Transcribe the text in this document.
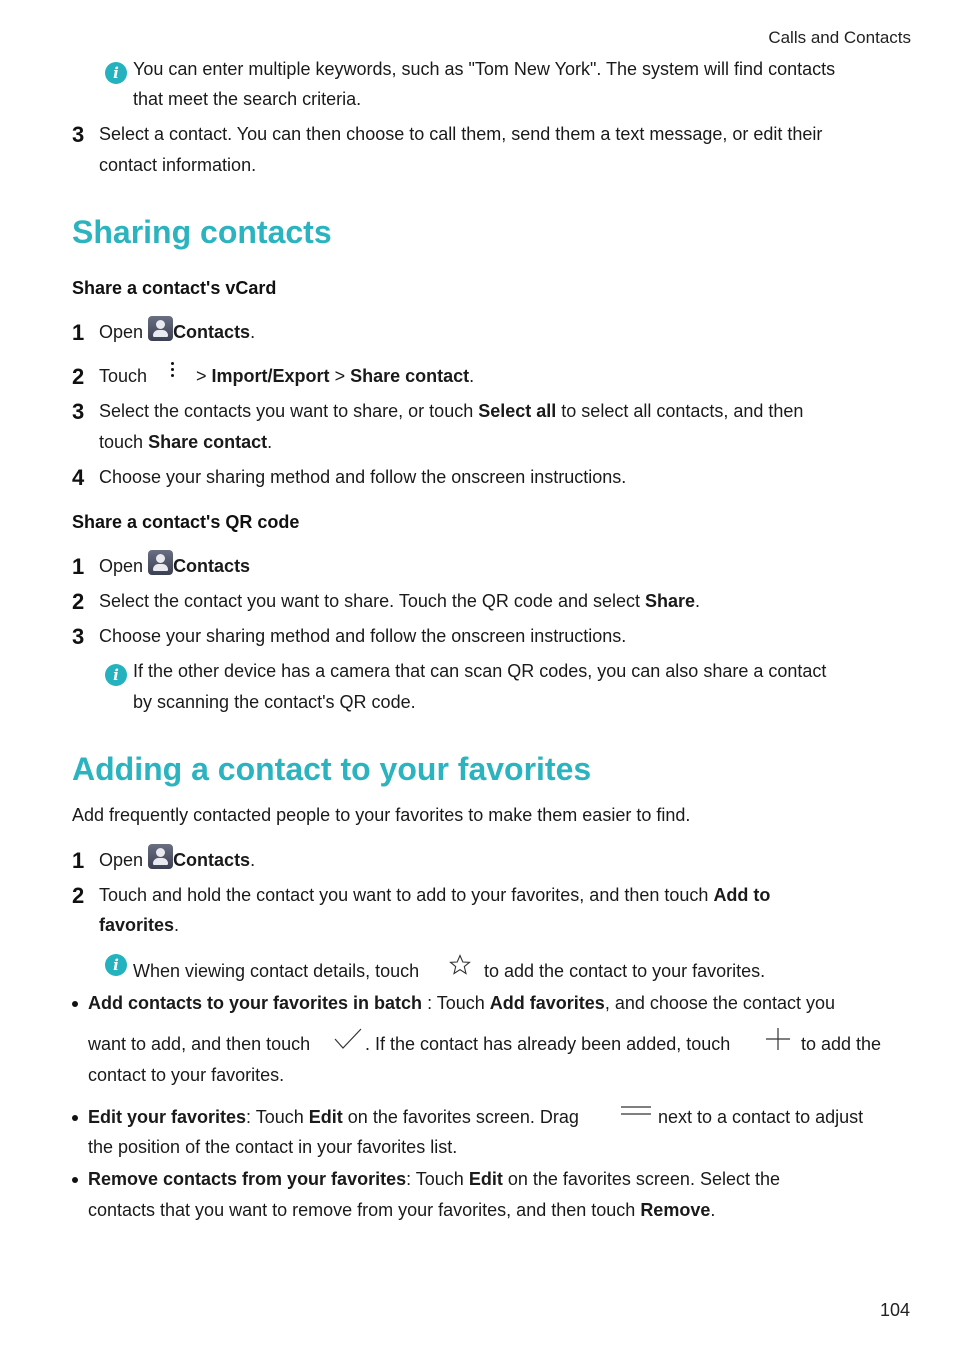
Calls and Contacts
i You can enter multiple keywords, such as "Tom New York". The system will find contacts
that meet the search criteria.
3 Select a contact. You can then choose to call them, send them a text message, or edit their
contact information.
Sharing contacts
Share a contact's vCard
1 Open Contacts.
2 Touch	> Import/Export > Share contact.
3 Select the contacts you want to share, or touch Select all to select all contacts, and then
touch Share contact.
4 Choose your sharing method and follow the onscreen instructions.
Share a contact's QR code
1 Open Contacts
2 Select the contact you want to share. Touch the QR code and select Share.
3 Choose your sharing method and follow the onscreen instructions.
i If the other device has a camera that can scan QR codes, you can also share a contact
by scanning the contact's QR code.
Adding a contact to your favorites
Add frequently contacted people to your favorites to make them easier to find.
1 Open Contacts.
2 Touch and hold the contact you want to add to your favorites, and then touch Add to
favorites.
i When viewing contact details, touch	to add the contact to your favorites.
Add contacts to your favorites in batch : Touch Add favorites, and choose the contact you
want to add, and then touch	. If the contact has already been added, touch	to add the
contact to your favorites.
Edit your favorites: Touch Edit on the favorites screen. Drag	next to a contact to adjust
the position of the contact in your favorites list.
Remove contacts from your favorites: Touch Edit on the favorites screen. Select the
contacts that you want to remove from your favorites, and then touch Remove.
104
